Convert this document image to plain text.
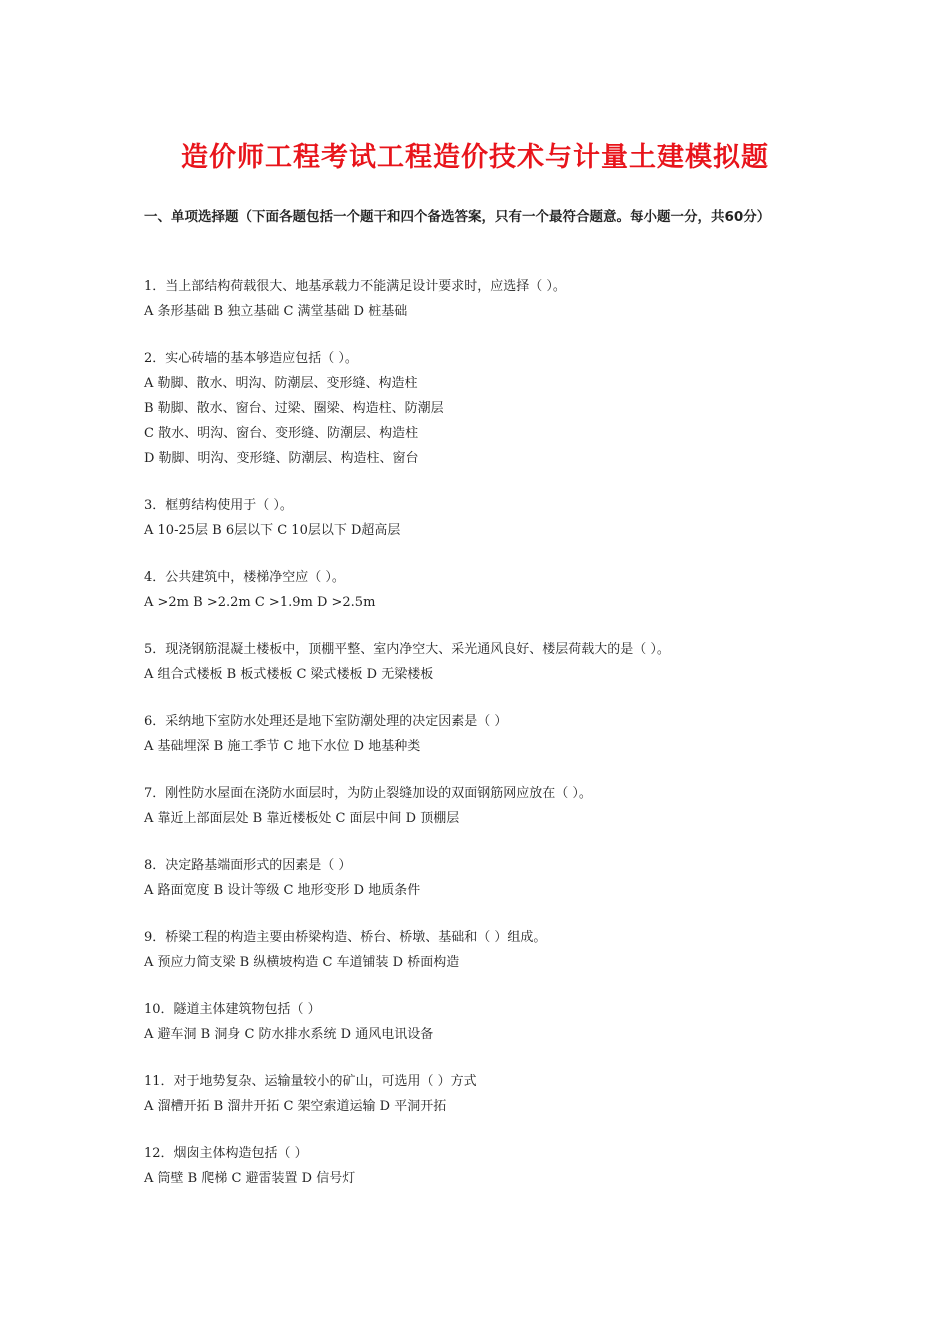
造价师工程考试工程造价技术与计量土建模拟题
一、单项选择题（下面各题包括一个题干和四个备选答案，只有一个最符合题意。每小题一分，共60分）
1．当上部结构荷载很大、地基承载力不能满足设计要求时，应选择（ ）。
A 条形基础 B 独立基础 C 满堂基础 D 桩基础
2．实心砖墙的基本够造应包括（ ）。
A 勒脚、散水、明沟、防潮层、变形缝、构造柱
B 勒脚、散水、窗台、过梁、圈梁、构造柱、防潮层
C 散水、明沟、窗台、变形缝、防潮层、构造柱
D 勒脚、明沟、变形缝、防潮层、构造柱、窗台
3．框剪结构使用于（ ）。
A 10-25层 B 6层以下 C 10层以下 D超高层
4．公共建筑中，楼梯净空应（ ）。
A >2m B >2.2m C >1.9m D >2.5m
5．现浇钢筋混凝土楼板中，顶棚平整、室内净空大、采光通风良好、楼层荷载大的是（ ）。
A 组合式楼板 B 板式楼板 C 梁式楼板 D 无梁楼板
6．采纳地下室防水处理还是地下室防潮处理的决定因素是（ ）
A 基础埋深 B 施工季节 C 地下水位 D 地基种类
7．刚性防水屋面在浇防水面层时，为防止裂缝加设的双面钢筋网应放在（ ）。
A 靠近上部面层处 B 靠近楼板处 C 面层中间 D 顶棚层
8．决定路基端面形式的因素是（ ）
A 路面宽度 B 设计等级 C 地形变形 D 地质条件
9．桥梁工程的构造主要由桥梁构造、桥台、桥墩、基础和（ ）组成。
A 预应力简支梁 B 纵横坡构造 C 车道铺装 D 桥面构造
10．隧道主体建筑物包括（ ）
A 避车洞 B 洞身 C 防水排水系统 D 通风电讯设备
11．对于地势复杂、运输量较小的矿山，可选用（ ）方式
A 溜槽开拓 B 溜井开拓 C 架空索道运输 D 平洞开拓
12．烟囱主体构造包括（ ）
A 筒壁 B 爬梯 C 避雷装置 D 信号灯
